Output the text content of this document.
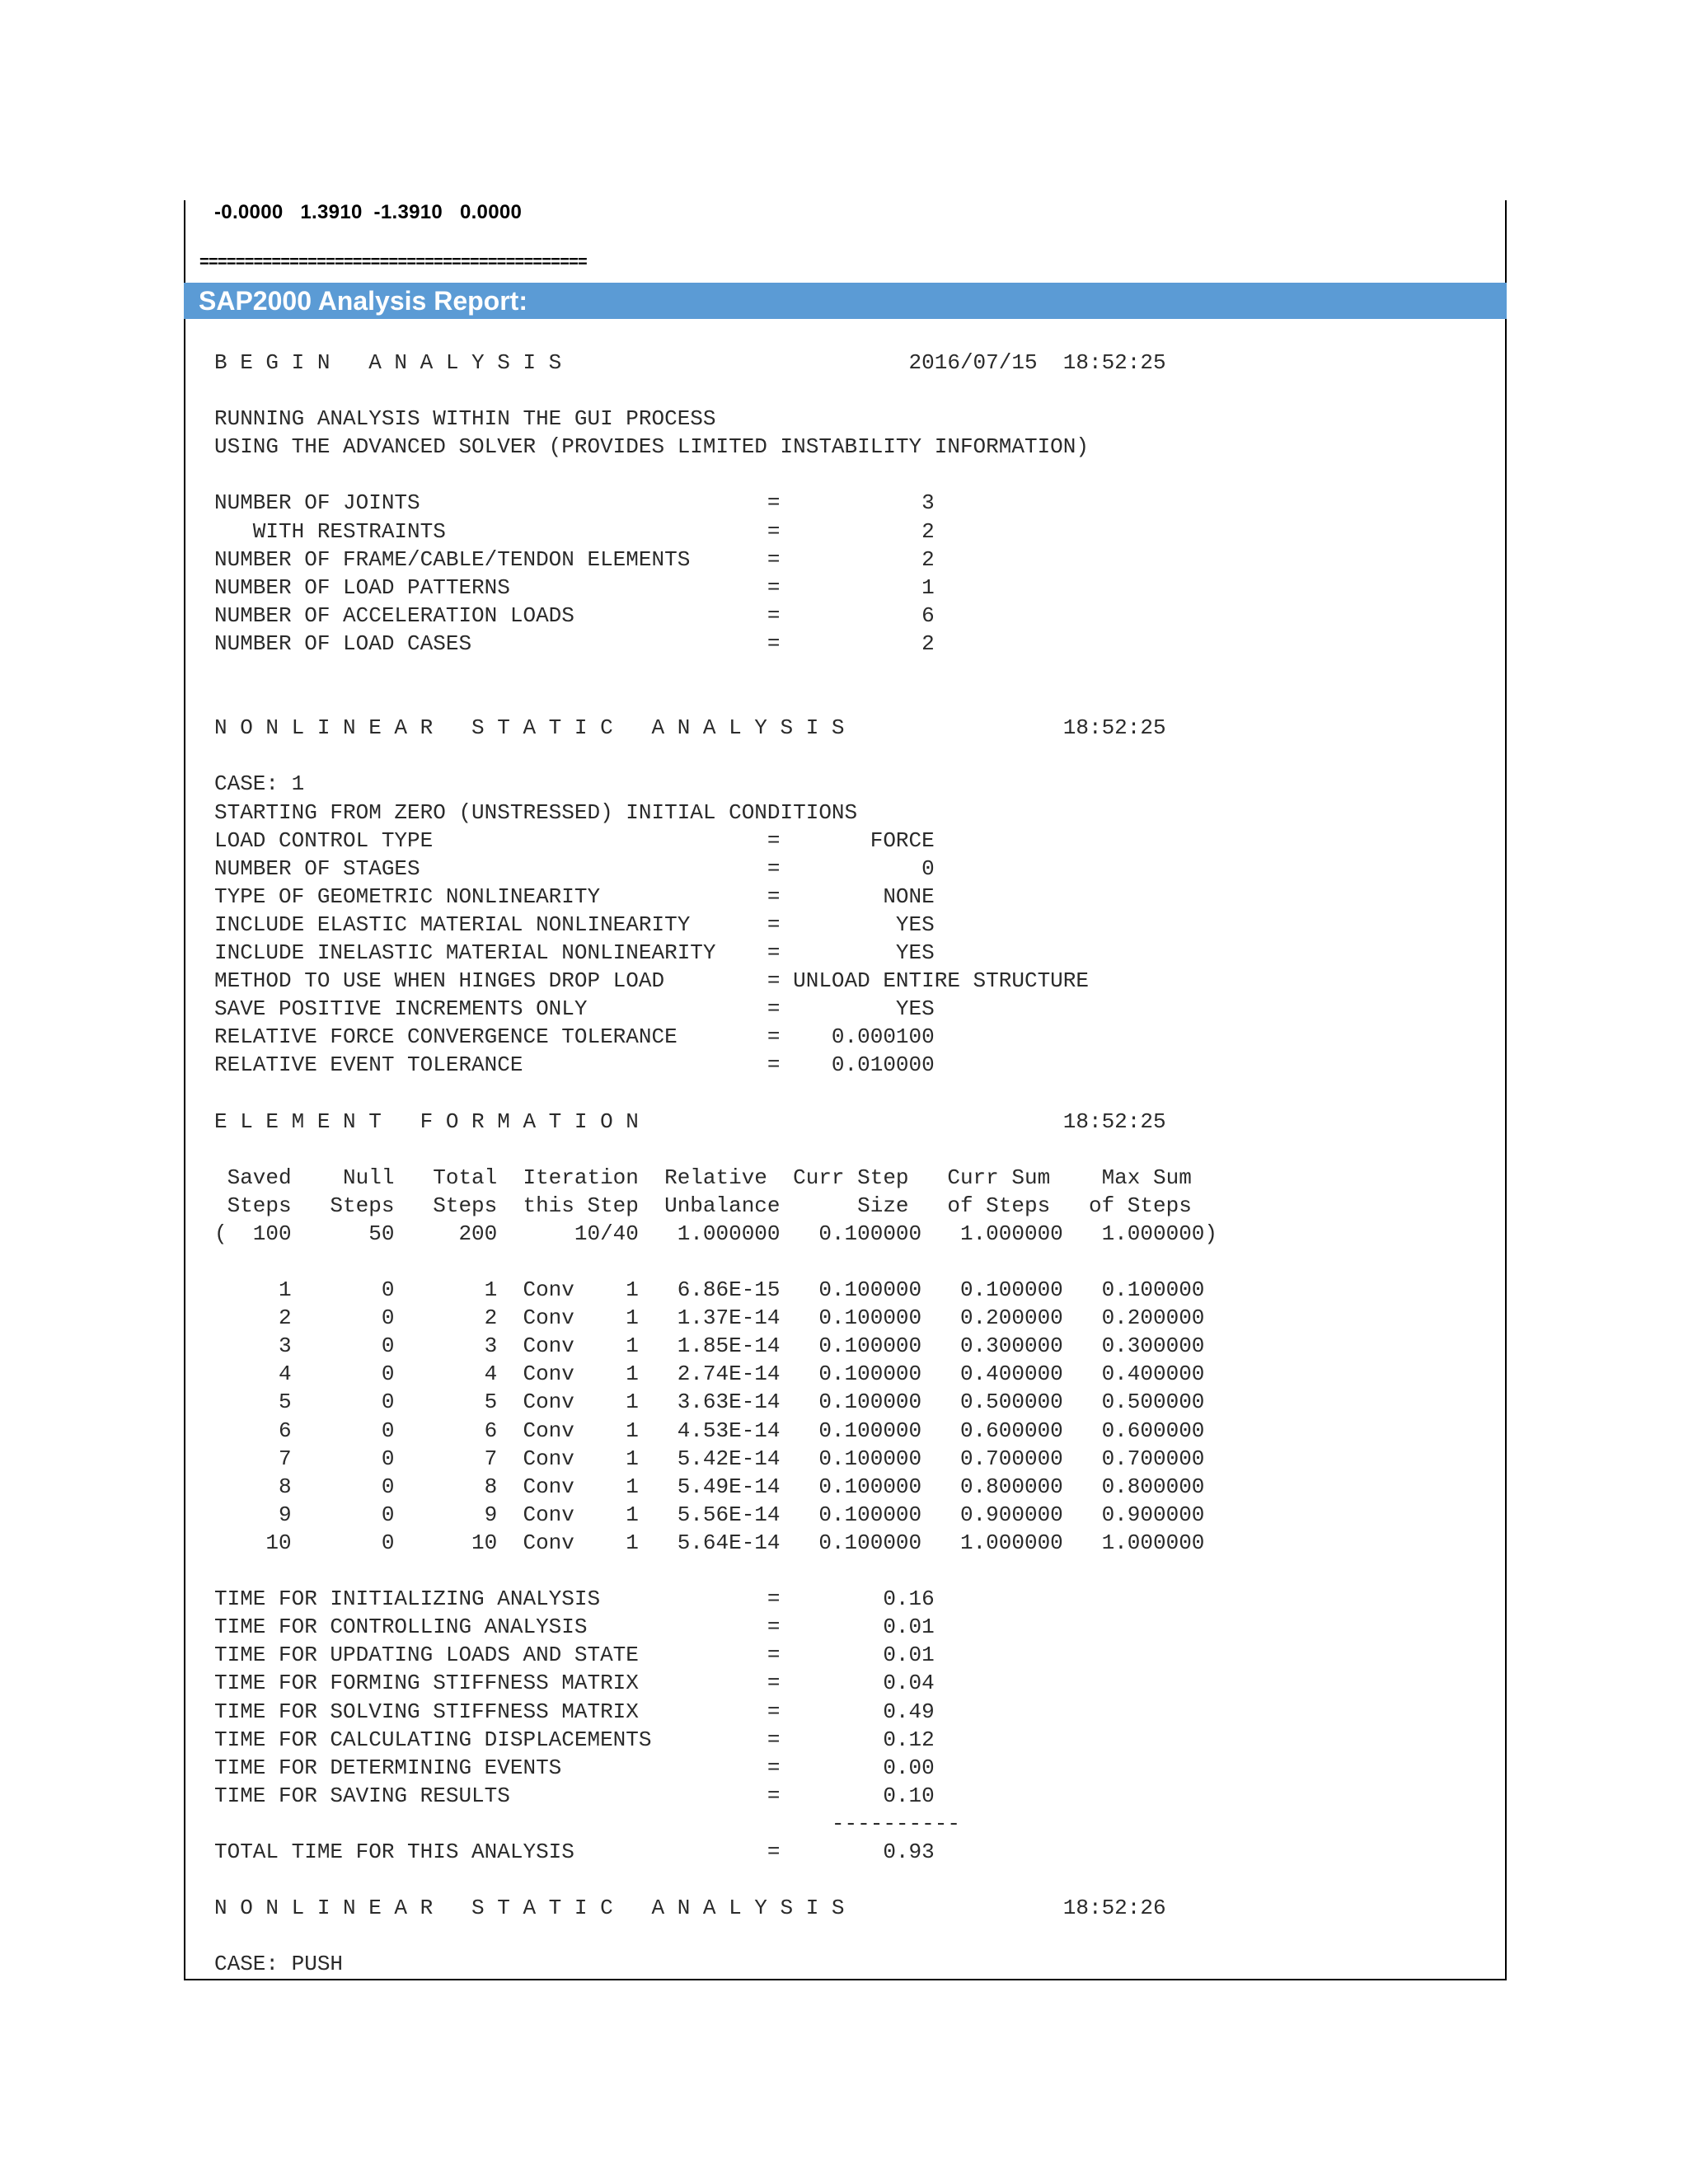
-0.0000   1.3910  -1.3910   0.0000
===========================================
SAP2000 Analysis Report:
B E G I N   A N A L Y S I S                           2016/07/15  18:52:25

RUNNING ANALYSIS WITHIN THE GUI PROCESS
USING THE ADVANCED SOLVER (PROVIDES LIMITED INSTABILITY INFORMATION)

NUMBER OF JOINTS                           =           3
WITH RESTRAINTS                         =           2
NUMBER OF FRAME/CABLE/TENDON ELEMENTS      =           2
NUMBER OF LOAD PATTERNS                    =           1
NUMBER OF ACCELERATION LOADS               =           6
NUMBER OF LOAD CASES                       =           2

N O N L I N E A R   S T A T I C   A N A L Y S I S                 18:52:25

CASE: 1
STARTING FROM ZERO (UNSTRESSED) INITIAL CONDITIONS
LOAD CONTROL TYPE                          =       FORCE
NUMBER OF STAGES                           =           0
TYPE OF GEOMETRIC NONLINEARITY             =        NONE
INCLUDE ELASTIC MATERIAL NONLINEARITY      =         YES
INCLUDE INELASTIC MATERIAL NONLINEARITY    =         YES
METHOD TO USE WHEN HINGES DROP LOAD        = UNLOAD ENTIRE STRUCTURE
SAVE POSITIVE INCREMENTS ONLY              =         YES
RELATIVE FORCE CONVERGENCE TOLERANCE       =    0.000100
RELATIVE EVENT TOLERANCE                   =    0.010000

E L E M E N T   F O R M A T I O N                                 18:52:25

Saved    Null   Total  Iteration  Relative  Curr Step   Curr Sum    Max Sum
Steps   Steps   Steps  this Step  Unbalance      Size   of Steps   of Steps
(  100      50     200      10/40   1.000000   0.100000   1.000000   1.000000)

1       0       1  Conv    1   6.86E-15   0.100000   0.100000   0.100000
2       0       2  Conv    1   1.37E-14   0.100000   0.200000   0.200000
3       0       3  Conv    1   1.85E-14   0.100000   0.300000   0.300000
4       0       4  Conv    1   2.74E-14   0.100000   0.400000   0.400000
5       0       5  Conv    1   3.63E-14   0.100000   0.500000   0.500000
6       0       6  Conv    1   4.53E-14   0.100000   0.600000   0.600000
7       0       7  Conv    1   5.42E-14   0.100000   0.700000   0.700000
8       0       8  Conv    1   5.49E-14   0.100000   0.800000   0.800000
9       0       9  Conv    1   5.56E-14   0.100000   0.900000   0.900000
10       0      10  Conv    1   5.64E-14   0.100000   1.000000   1.000000

TIME FOR INITIALIZING ANALYSIS             =        0.16
TIME FOR CONTROLLING ANALYSIS              =        0.01
TIME FOR UPDATING LOADS AND STATE          =        0.01
TIME FOR FORMING STIFFNESS MATRIX          =        0.04
TIME FOR SOLVING STIFFNESS MATRIX          =        0.49
TIME FOR CALCULATING DISPLACEMENTS         =        0.12
TIME FOR DETERMINING EVENTS                =        0.00
TIME FOR SAVING RESULTS                    =        0.10
----------
TOTAL TIME FOR THIS ANALYSIS               =        0.93

N O N L I N E A R   S T A T I C   A N A L Y S I S                 18:52:26

CASE: PUSH
